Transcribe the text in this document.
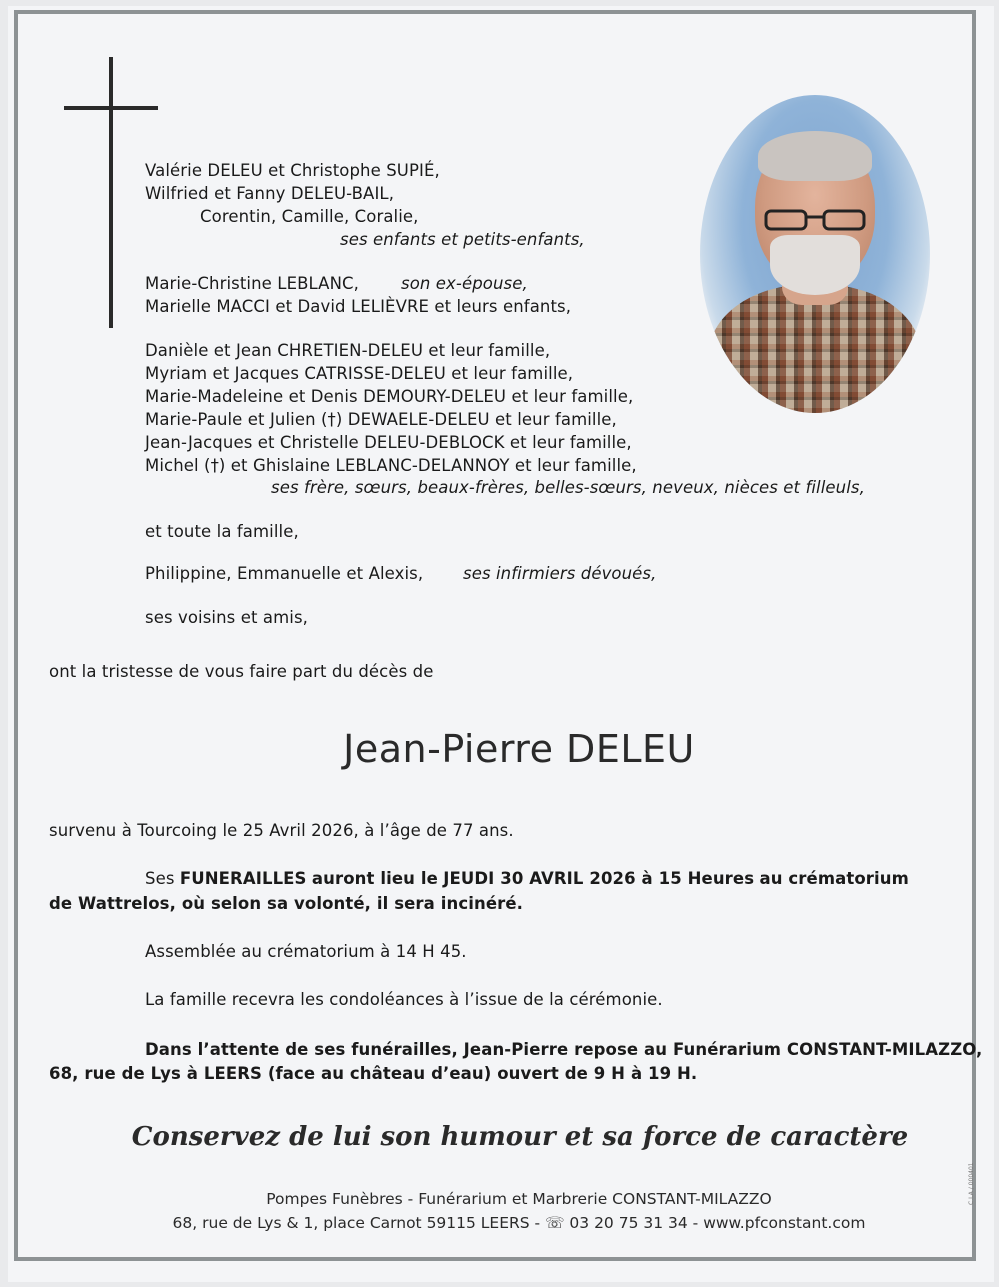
Valérie DELEU et Christophe SUPIÉ,
Wilfried et Fanny DELEU-BAIL,
Corentin, Camille, Coralie,
ses enfants et petits-enfants,
Marie-Christine LEBLANC,	son ex-épouse,
Marielle MACCI et David LELIÈVRE et leurs enfants,
Danièle et Jean CHRETIEN-DELEU et leur famille,
Myriam et Jacques CATRISSE-DELEU et leur famille,
Marie-Madeleine et Denis DEMOURY-DELEU et leur famille,
Marie-Paule et Julien (†) DEWAELE-DELEU et leur famille,
Jean-Jacques et Christelle DELEU-DEBLOCK et leur famille,
Michel (†) et Ghislaine LEBLANC-DELANNOY et leur famille,
ses frère, sœurs, beaux-frères, belles-sœurs, neveux, nièces et filleuls,
et toute la famille,
Philippine, Emmanuelle et Alexis, ses infirmiers dévoués,
ses voisins et amis,
ont la tristesse de vous faire part du décès de
Jean-Pierre DELEU
survenu à Tourcoing le 25 Avril 2026, à l’âge de 77 ans.
Ses FUNERAILLES auront lieu le JEUDI 30 AVRIL 2026 à 15 Heures au crématorium
de Wattrelos, où selon sa volonté, il sera incinéré.
Assemblée au crématorium à 14 H 45.
La famille recevra les condoléances à l’issue de la cérémonie.
Dans l’attente de ses funérailles, Jean-Pierre repose au Funérarium CONSTANT-MILAZZO,
68, rue de Lys à LEERS (face au château d’eau) ouvert de 9 H à 19 H.
Conservez de lui son humour et sa force de caractère
Pompes Funèbres - Funérarium et Marbrerie CONSTANT-MILAZZO
68, rue de Lys & 1, place Carnot 59115 LEERS - ☏ 03 20 75 31 34 - www.pfconstant.com
C.I.A / 000401
